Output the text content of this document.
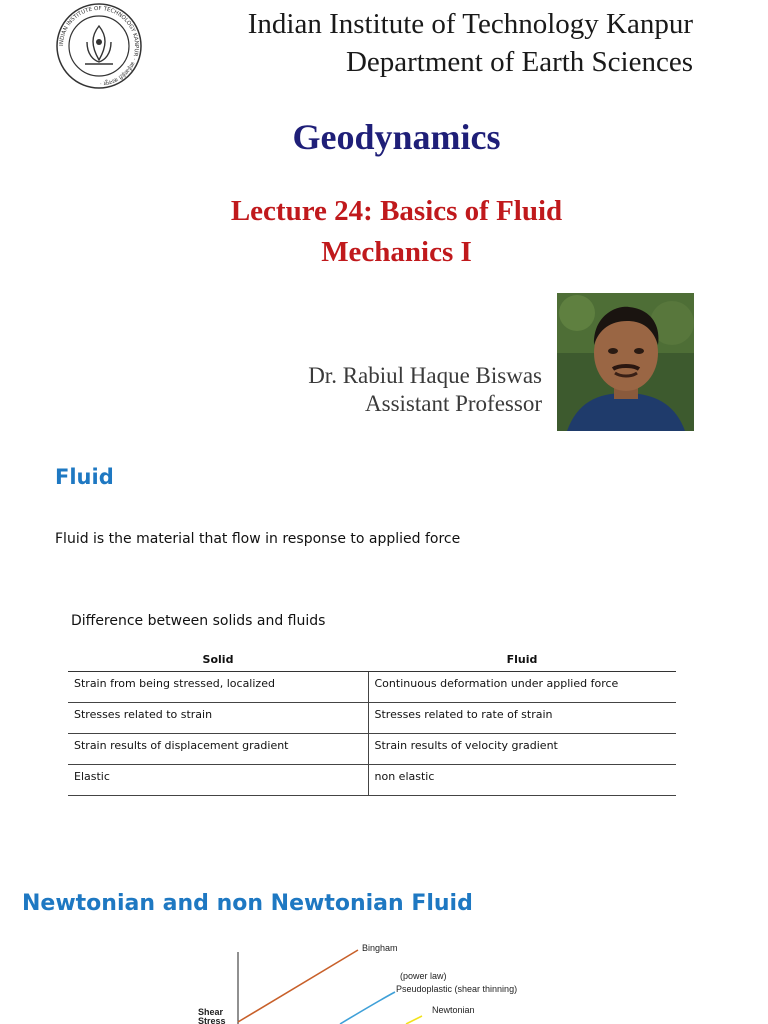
INDIAN INSTITUTE OF TECHNOLOGY KANPUR · आईआईटी कानपुर ·
Indian Institute of Technology Kanpur
Department of Earth Sciences
Geodynamics
Lecture 24: Basics of Fluid
Mechanics I
Dr. Rabiul Haque Biswas
Assistant Professor
Fluid
Fluid is the material that flow in response to applied force
Difference between solids and fluids
Solid	Fluid
Strain from being stressed, localized	Continuous deformation under applied force
Stresses related to strain	Stresses related to rate of strain
Strain results of displacement gradient	Strain results of velocity gradient
Elastic	non elastic
Newtonian and non Newtonian Fluid
Shear
Stress
Bingham
(power law)
Pseudoplastic (shear thinning)
Newtonian
